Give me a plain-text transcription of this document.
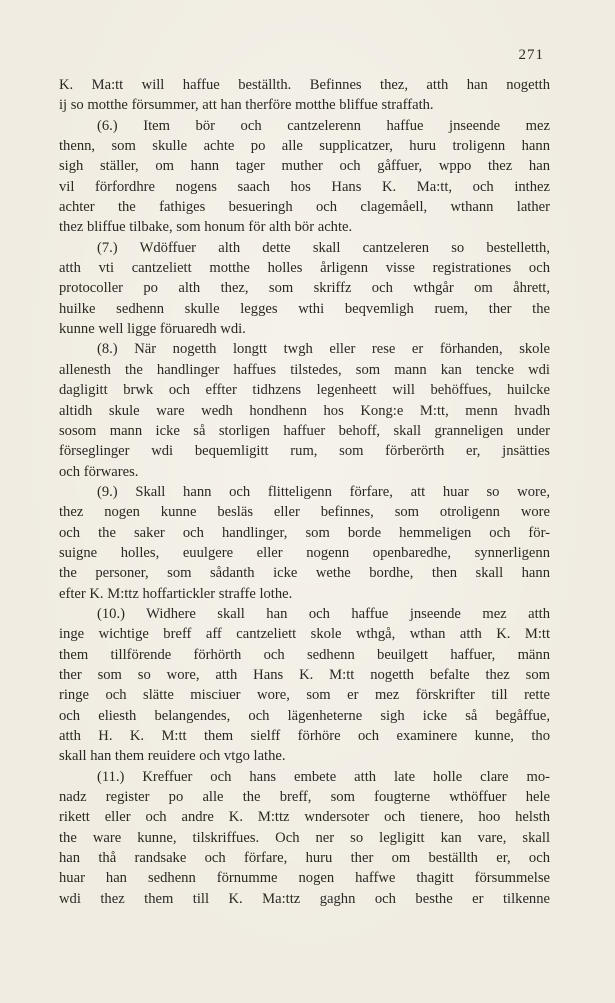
271
K. Ma:tt will haffue beställth. Befinnes thez, atth han nogetth
ij so motthe försummer, att han therföre motthe bliffue straffath.
(6.) Item bör och cantzelerenn haffue jnseende mez
thenn, som skulle achte po alle supplicatzer, huru troligenn hann
sigh ställer, om hann tager muther och gåffuer, wppo thez han
vil förfordhre nogens saach hos Hans K. Ma:tt, och inthez
achter the fathiges besueringh och clagemåell, wthann lather
thez bliffue tilbake, som honum för alth bör achte.
(7.) Wdöffuer alth dette skall cantzeleren so bestelletth,
atth vti cantzeliett motthe holles årligenn visse registrationes och
protocoller po alth thez, som skriffz och wthgår om åhrett,
huilke sedhenn skulle legges wthi beqvemligh ruem, ther the
kunne well ligge föruaredh wdi.
(8.) När nogetth longtt twgh eller rese er förhanden, skole
allenesth the handlinger haffues tilstedes, som mann kan tencke wdi
dagligitt brwk och effter tidhzens legenheett will behöffues, huilcke
altidh skule ware wedh hondhenn hos Kong:e M:tt, menn hvadh
sosom mann icke så storligen haffuer behoff, skall granneligen under
förseglinger wdi bequemligitt rum, som förberörth er, jnsätties
och förwares.
(9.) Skall hann och flitteligenn förfare, att huar so wore,
thez nogen kunne besläs eller befinnes, som otroligenn wore
och the saker och handlinger, som borde hemmeligen och för-
suigne holles, euulgere eller nogenn openbaredhe, synnerligenn
the personer, som sådanth icke wethe bordhe, then skall hann
efter K. M:ttz hoffartickler straffe lothe.
(10.) Widhere skall han och haffue jnseende mez atth
inge wichtige breff aff cantzeliett skole wthgå, wthan atth K. M:tt
them tillförende förhörth och sedhenn beuilgett haffuer, männ
ther som so wore, atth Hans K. M:tt nogetth befalte thez som
ringe och slätte misciuer wore, som er mez förskrifter till rette
och eliesth belangendes, och lägenheterne sigh icke så begåffue,
atth H. K. M:tt them sielff förhöre och examinere kunne, tho
skall han them reuidere och vtgo lathe.
(11.) Kreffuer och hans embete atth late holle clare mo-
nadz register po alle the breff, som fougterne wthöffuer hele
rikett eller och andre K. M:ttz wndersoter och tienere, hoo helsth
the ware kunne, tilskriffues. Och ner so legligitt kan vare, skall
han thå randsake och förfare, huru ther om beställth er, och
huar han sedhenn förnumme nogen haffwe thagitt försummelse
wdi thez them till K. Ma:ttz gaghn och besthe er tilkenne
